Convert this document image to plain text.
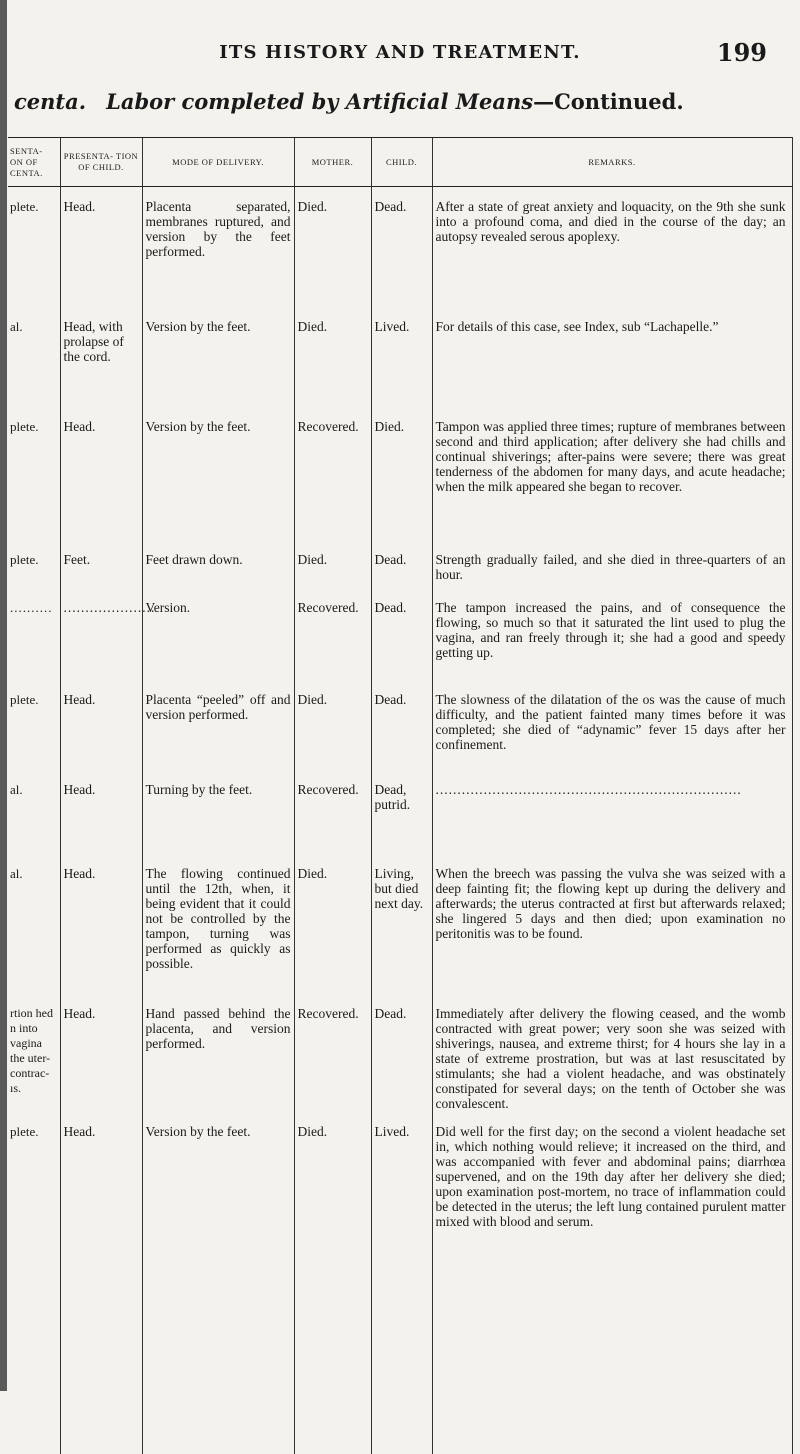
ITS HISTORY AND TREATMENT.	199
centa. Labor completed by Artificial Means—Continued.
SENTA- ON OF CENTA.	PRESENTA- TION OF CHILD.	MODE OF DELIVERY.	MOTHER.	CHILD.	REMARKS.
plete.	Head.	Placenta separated, membranes ruptured, and version by the feet performed.	Died.	Dead.	After a state of great anxiety and loquacity, on the 9th she sunk into a profound coma, and died in the course of the day; an autopsy revealed serous apoplexy.
al.	Head, with prolapse of the cord.	Version by the feet.	Died.	Lived.	For details of this case, see Index, sub “Lachapelle.”
plete.	Head.	Version by the feet.	Recovered.	Died.	Tampon was applied three times; rupture of membranes between second and third application; after delivery she had chills and continual shiverings; after-pains were severe; there was great tenderness of the abdomen for many days, and acute headache; when the milk appeared she began to recover.
plete.	Feet.	Feet drawn down.	Died.	Dead.	Strength gradually failed, and she died in three-quarters of an hour.
..........	.....................	Version.	Recovered.	Dead.	The tampon increased the pains, and of consequence the flowing, so much so that it saturated the lint used to plug the vagina, and ran freely through it; she had a good and speedy getting up.
plete.	Head.	Placenta “peeled” off and version performed.	Died.	Dead.	The slowness of the dilatation of the os was the cause of much difficulty, and the patient fainted many times before it was completed; she died of “adynamic” fever 15 days after her confinement.
al.	Head.	Turning by the feet.	Recovered.	Dead, putrid.	......................................................................
al.	Head.	The flowing continued until the 12th, when, it being evident that it could not be controlled by the tampon, turning was performed as quickly as possible.	Died.	Living, but died next day.	When the breech was passing the vulva she was seized with a deep fainting fit; the flowing kept up during the delivery and afterwards; the uterus contracted at first but afterwards relaxed; she lingered 5 days and then died; upon examination no peritonitis was to be found.
rtion hed n into vagina the uter- contrac- ıs.	Head.	Hand passed behind the placenta, and version performed.	Recovered.	Dead.	Immediately after delivery the flowing ceased, and the womb contracted with great power; very soon she was seized with shiverings, nausea, and extreme thirst; for 4 hours she lay in a state of extreme prostration, but was at last resuscitated by stimulants; she had a violent headache, and was obstinately constipated for several days; on the tenth of October she was convalescent.
plete.	Head.	Version by the feet.	Died.	Lived.	Did well for the first day; on the second a violent headache set in, which nothing would relieve; it increased on the third, and was accompanied with fever and abdominal pains; diarrhœa supervened, and on the 19th day after her delivery she died; upon examination post-mortem, no trace of inflammation could be detected in the uterus; the left lung contained purulent matter mixed with blood and serum.
